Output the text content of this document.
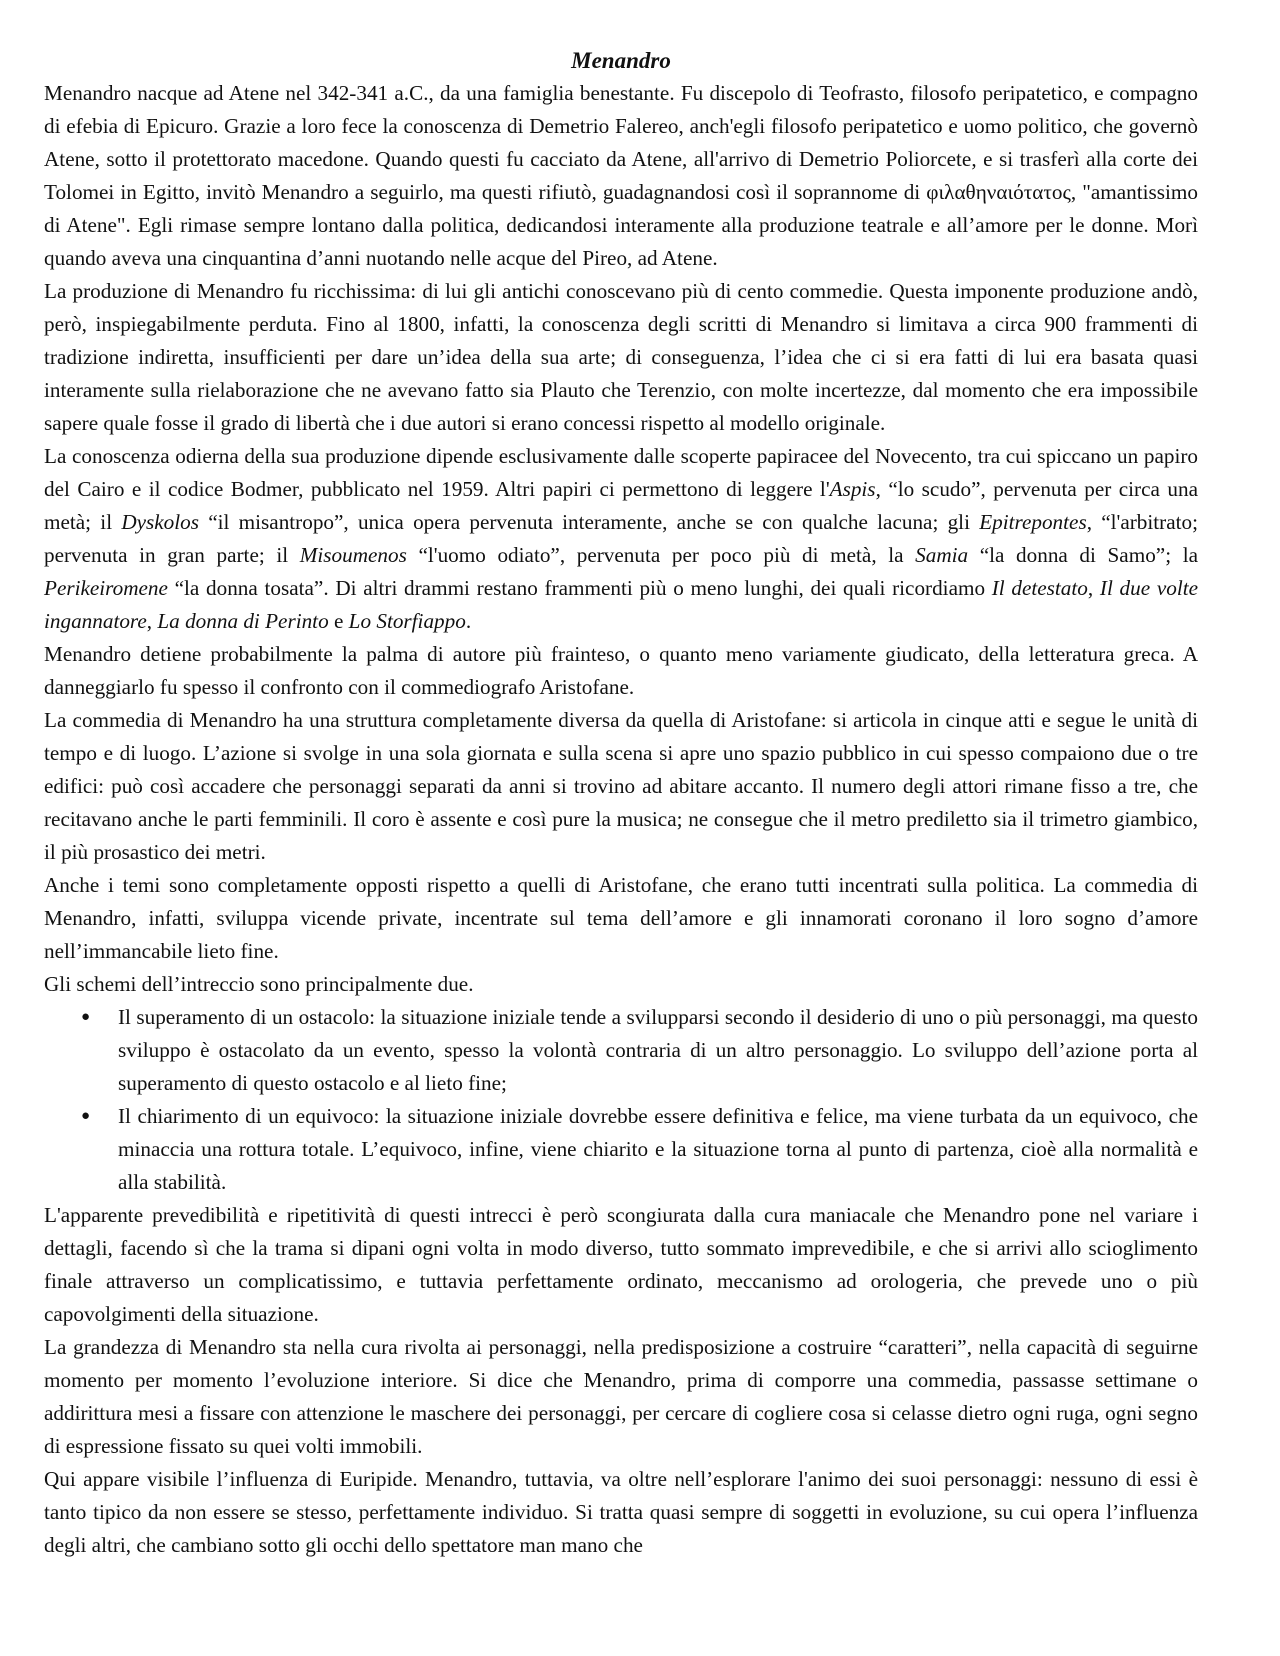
Menandro

Menandro nacque ad Atene nel 342-341 a.C., da una famiglia benestante. Fu discepolo di Teofrasto, filosofo peripatetico, e compagno di efebia di Epicuro. Grazie a loro fece la conoscenza di Demetrio Falereo, anch'egli filosofo peripatetico e uomo politico, che governò Atene, sotto il protettorato macedone. Quando questi fu cacciato da Atene, all'arrivo di Demetrio Poliorcete, e si trasferì alla corte dei Tolomei in Egitto, invitò Menandro a seguirlo, ma questi rifiutò, guadagnandosi così il soprannome di φιλαθηναιότατος, "amantissimo di Atene". Egli rimase sempre lontano dalla politica, dedicandosi interamente alla produzione teatrale e all’amore per le donne. Morì quando aveva una cinquantina d’anni nuotando nelle acque del Pireo, ad Atene.

La produzione di Menandro fu ricchissima: di lui gli antichi conoscevano più di cento commedie. Questa imponente produzione andò, però, inspiegabilmente perduta. Fino al 1800, infatti, la conoscenza degli scritti di Menandro si limitava a circa 900 frammenti di tradizione indiretta, insufficienti per dare un’idea della sua arte; di conseguenza, l’idea che ci si era fatti di lui era basata quasi interamente sulla rielaborazione che ne avevano fatto sia Plauto che Terenzio, con molte incertezze, dal momento che era impossibile sapere quale fosse il grado di libertà che i due autori si erano concessi rispetto al modello originale.

La conoscenza odierna della sua produzione dipende esclusivamente dalle scoperte papiracee del Novecento, tra cui spiccano un papiro del Cairo e il codice Bodmer, pubblicato nel 1959. Altri papiri ci permettono di leggere l'Aspis, “lo scudo”, pervenuta per circa una metà; il Dyskolos “il misantropo”, unica opera pervenuta interamente, anche se con qualche lacuna; gli Epitrepontes, “l'arbitrato; pervenuta in gran parte; il Misoumenos “l'uomo odiato”, pervenuta per poco più di metà, la Samia “la donna di Samo”; la Perikeiromene “la donna tosata”. Di altri drammi restano frammenti più o meno lunghi, dei quali ricordiamo Il detestato, Il due volte ingannatore, La donna di Perinto e Lo Storfiappo.

Menandro detiene probabilmente la palma di autore più frainteso, o quanto meno variamente giudicato, della letteratura greca. A danneggiarlo fu spesso il confronto con il commediografo Aristofane.

La commedia di Menandro ha una struttura completamente diversa da quella di Aristofane: si articola in cinque atti e segue le unità di tempo e di luogo. L’azione si svolge in una sola giornata e sulla scena si apre uno spazio pubblico in cui spesso compaiono due o tre edifici: può così accadere che personaggi separati da anni si trovino ad abitare accanto. Il numero degli attori rimane fisso a tre, che recitavano anche le parti femminili. Il coro è assente e così pure la musica; ne consegue che il metro prediletto sia il trimetro giambico, il più prosastico dei metri.

Anche i temi sono completamente opposti rispetto a quelli di Aristofane, che erano tutti incentrati sulla politica. La commedia di Menandro, infatti, sviluppa vicende private, incentrate sul tema dell’amore e gli innamorati coronano il loro sogno d’amore nell’immancabile lieto fine.

Gli schemi dell’intreccio sono principalmente due.

● Il superamento di un ostacolo: la situazione iniziale tende a svilupparsi secondo il desiderio di uno o più personaggi, ma questo sviluppo è ostacolato da un evento, spesso la volontà contraria di un altro personaggio. Lo sviluppo dell’azione porta al superamento di questo ostacolo e al lieto fine;
● Il chiarimento di un equivoco: la situazione iniziale dovrebbe essere definitiva e felice, ma viene turbata da un equivoco, che minaccia una rottura totale. L’equivoco, infine, viene chiarito e la situazione torna al punto di partenza, cioè alla normalità e alla stabilità.

L'apparente prevedibilità e ripetitività di questi intrecci è però scongiurata dalla cura maniacale che Menandro pone nel variare i dettagli, facendo sì che la trama si dipani ogni volta in modo diverso, tutto sommato imprevedibile, e che si arrivi allo scioglimento finale attraverso un complicatissimo, e tuttavia perfettamente ordinato, meccanismo ad orologeria, che prevede uno o più capovolgimenti della situazione.

La grandezza di Menandro sta nella cura rivolta ai personaggi, nella predisposizione a costruire “caratteri”, nella capacità di seguirne momento per momento l’evoluzione interiore. Si dice che Menandro, prima di comporre una commedia, passasse settimane o addirittura mesi a fissare con attenzione le maschere dei personaggi, per cercare di cogliere cosa si celasse dietro ogni ruga, ogni segno di espressione fissato su quei volti immobili.

Qui appare visibile l’influenza di Euripide. Menandro, tuttavia, va oltre nell’esplorare l'animo dei suoi personaggi: nessuno di essi è tanto tipico da non essere se stesso, perfettamente individuo. Si tratta quasi sempre di soggetti in evoluzione, su cui opera l’influenza degli altri, che cambiano sotto gli occhi dello spettatore man mano che
